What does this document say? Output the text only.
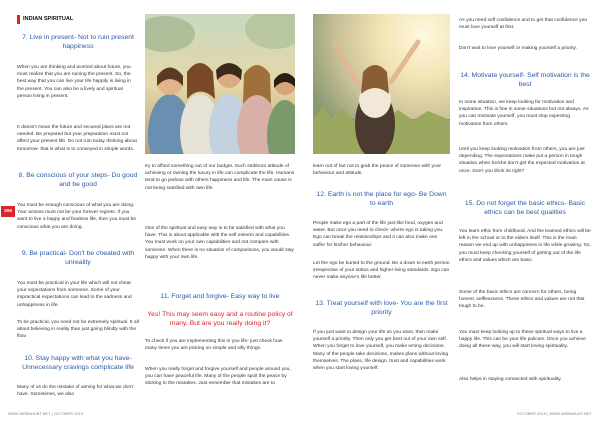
INDIAN SPIRITUAL
306
7. Live in present- Not to ruin present happiness

When you are thinking and worried about future, you must realize that you are ruining the present. So, the best way that you can live your life happily is living in the present. You can also be a lively and spiritual person living in present.

It doesn't mean the future and secured plans are not needed. Be prepared but your preparation must not affect your present life. Do not ruin today thinking about tomorrow- that is what is to conveyed in simple words.

8. Be conscious of your steps- Do good and be good

You must be enough conscious of what you are doing. Your actions must not be your forever regrets. If you want to live a happy and fearless life, then you must be conscious what you are doing.

9. Be practical- Don't be cheated with unreality

You must be practical in your life which will not cheat your expectations from someone. Some of your impractical expectations can lead to the sadness and unhappiness in life.

To be practical, you need not be extremely spiritual. It all about believing in reality than just going blindly with the flow.

10. Stay happy with what you have- Unnecessary cravings complicate life

Many of us do the mistake of aiming for what we don't have. Sometimes, we also

try to afford something out of our budget. Such stubborn attitude of achieving or owning the luxury in life can complicate the life. Humans tend to go jealous with others happiness and life. The main cause is not being satisfied with own life.

One of the spiritual and easy way is to be satisfied with what you have. This is about applicable with the self esteem and capabilities. You must work on your own capabilities and not compare with someone. When there is no situation of comparisons, you would stay happy with your own life.

11. Forget and forgive- Easy way to live
Yes! This may seem easy and a routine policy of many. But are you really doing it?

To check if you are implementing this in you life- just check how many times you are picking on simple and silly things.

When you really forget and forgive yourself and people around you, you can have peaceful life. Many of the people spoil the peace by sticking to the mistakes. Just remember that mistakes are to

learn out of but not to grab the peace of someone with your behaviour and attitude.

12. Earth is not the place for ego- Be Down to earth

People make ego a part of the life just like food, oxygen and water. But once you need to check- where ego is taking you. Ego can break the relationships and it can also make one suffer for his/her behaviour.

Let the ego be buried to the ground. Be a down to earth person irrespective of your status and higher living standards. Ego can never make anyone's life better.

13. Treat yourself with love- You are the first priority

If you just want to design your life as you want, then make yourself a priority. Then only you get best out of your own self. When you forget to love yourself, you make wrong decisions. Many of the people take decisions, makes plans without loving themselves. The plans, life design, trust and capabilities work when you start loving yourself.

As you need self confidence and to get that confidence you must love yourself at first.

Don't wait to love yourself or making yourself a priority.

14. Motivate yourself- Self motivation is the best

In some situation, we keep looking for motivation and inspiration. This is fine in some situations but not always. As you can motivate yourself, you must stop expecting motivation from others.

Until you keep looking motivation from others, you are just depending. The expectations make put a person in tough situation when he/she don't get the expected motivation at once. Don't you think its right?

15. Do not forget the basic ethics- Basic ethics can be best qualities

You learn ethic from childhood. And the learned ethics will be left in the school or to the elders itself. This is the main reason we end up with unhappiness in life while growing. So, you must keep checking yourself of getting out of the life ethics and values which are basic.

Some of the basic ethics are concern for others, being honest, selflessness. These ethics and values are not that tough to be.

You must keep looking up to these spiritual ways to live a happy life. This can be your life policies. Once you achieve doing all these way, you will start loving spirituality.

Also helps in staying connected with spirituality.

WWW.WEBAHUNT.NET | OCTOBER 2019	OCTOBER 2019 | WWW.WEBAHUNT.NET
